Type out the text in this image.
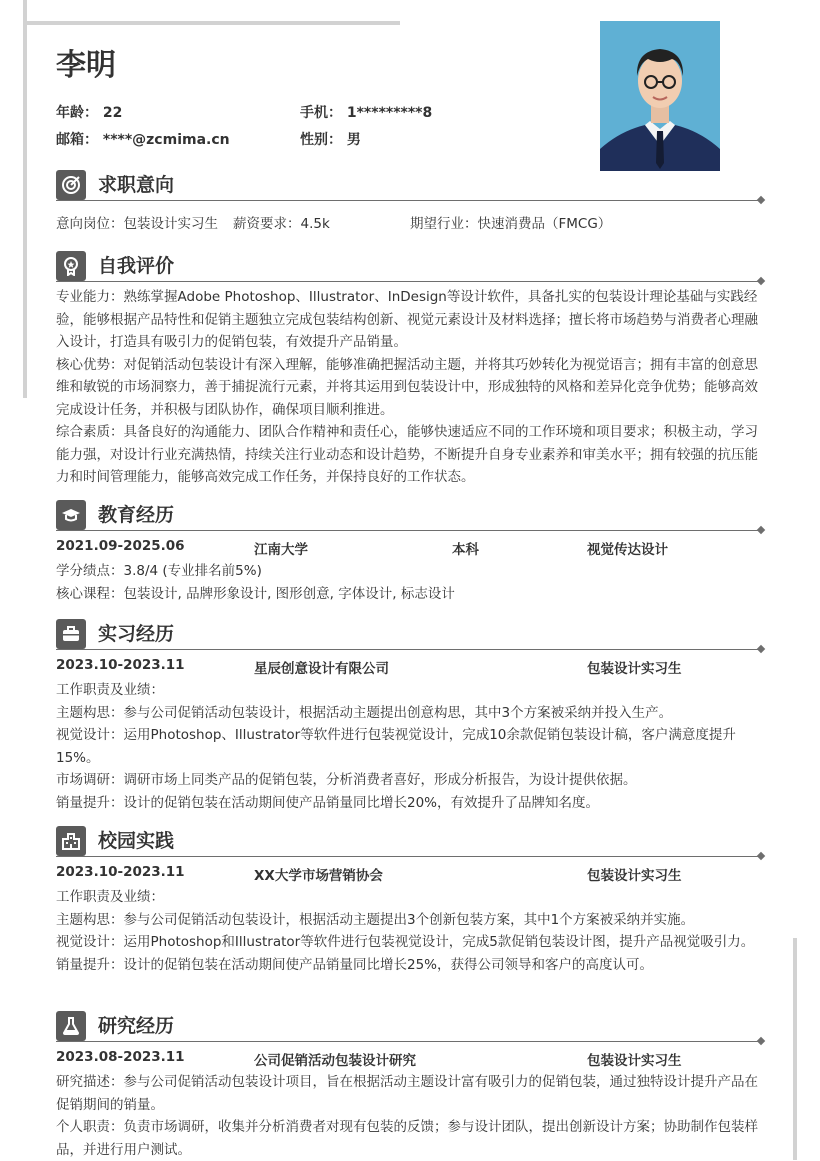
李明
年龄： 22	手机： 1*********8
邮箱： ****@zcmima.cn	性别： 男
求职意向
意向岗位：包装设计实习生 薪资要求：4.5k	期望行业：快速消费品（FMCG）
自我评价

专业能力：熟练掌握Adobe Photoshop、Illustrator、InDesign等设计软件，具备扎实的包装设计理论基础与实践经验，能够根据产品特性和促销主题独立完成包装结构创新、视觉元素设计及材料选择；擅长将市场趋势与消费者心理融入设计，打造具有吸引力的促销包装，有效提升产品销量。

核心优势：对促销活动包装设计有深入理解，能够准确把握活动主题，并将其巧妙转化为视觉语言；拥有丰富的创意思维和敏锐的市场洞察力，善于捕捉流行元素，并将其运用到包装设计中，形成独特的风格和差异化竞争优势；能够高效完成设计任务，并积极与团队协作，确保项目顺利推进。

综合素质：具备良好的沟通能力、团队合作精神和责任心，能够快速适应不同的工作环境和项目要求；积极主动，学习能力强，对设计行业充满热情，持续关注行业动态和设计趋势，不断提升自身专业素养和审美水平；拥有较强的抗压能力和时间管理能力，能够高效完成工作任务，并保持良好的工作状态。

教育经历
2021.09-2025.06	江南大学	本科	视觉传达设计

学分绩点：3.8/4 (专业排名前5%)

核心课程：包装设计, 品牌形象设计, 图形创意, 字体设计, 标志设计

实习经历
2023.10-2023.11	星辰创意设计有限公司	包装设计实习生

工作职责及业绩：

主题构思：参与公司促销活动包装设计，根据活动主题提出创意构思，其中3个方案被采纳并投入生产。

视觉设计：运用Photoshop、Illustrator等软件进行包装视觉设计，完成10余款促销包装设计稿，客户满意度提升15%。

市场调研：调研市场上同类产品的促销包装，分析消费者喜好，形成分析报告，为设计提供依据。

销量提升：设计的促销包装在活动期间使产品销量同比增长20%，有效提升了品牌知名度。

校园实践
2023.10-2023.11	XX大学市场营销协会	包装设计实习生

工作职责及业绩：

主题构思：参与公司促销活动包装设计，根据活动主题提出3个创新包装方案，其中1个方案被采纳并实施。

视觉设计：运用Photoshop和Illustrator等软件进行包装视觉设计，完成5款促销包装设计图，提升产品视觉吸引力。

销量提升：设计的促销包装在活动期间使产品销量同比增长25%，获得公司领导和客户的高度认可。

研究经历
2023.08-2023.11	公司促销活动包装设计研究	包装设计实习生

研究描述：参与公司促销活动包装设计项目，旨在根据活动主题设计富有吸引力的促销包装，通过独特设计提升产品在促销期间的销量。

个人职责：负责市场调研，收集并分析消费者对现有包装的反馈；参与设计团队，提出创新设计方案；协助制作包装样品，并进行用户测试。
